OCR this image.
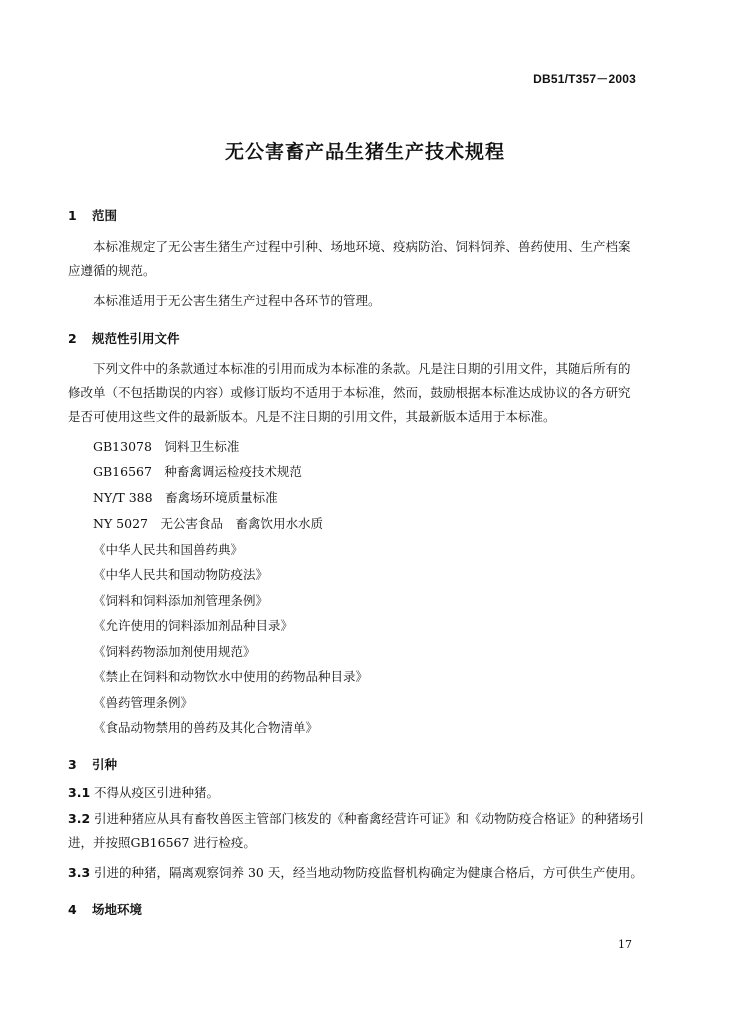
DB51/T357－2003
无公害畜产品生猪生产技术规程
1 范围
本标准规定了无公害生猪生产过程中引种、场地环境、疫病防治、饲料饲养、兽药使用、生产档案应遵循的规范。
本标准适用于无公害生猪生产过程中各环节的管理。
2 规范性引用文件
下列文件中的条款通过本标准的引用而成为本标准的条款。凡是注日期的引用文件，其随后所有的修改单（不包括勘误的内容）或修订版均不适用于本标准，然而，鼓励根据本标准达成协议的各方研究是否可使用这些文件的最新版本。凡是不注日期的引用文件，其最新版本适用于本标准。
GB13078　饲料卫生标准
GB16567　种畜禽调运检疫技术规范
NY/T 388　畜禽场环境质量标准
NY 5027　无公害食品　畜禽饮用水水质
《中华人民共和国兽药典》
《中华人民共和国动物防疫法》
《饲料和饲料添加剂管理条例》
《允许使用的饲料添加剂品种目录》
《饲料药物添加剂使用规范》
《禁止在饲料和动物饮水中使用的药物品种目录》
《兽药管理条例》
《食品动物禁用的兽药及其化合物清单》
3 引种
3.1 不得从疫区引进种猪。
3.2 引进种猪应从具有畜牧兽医主管部门核发的《种畜禽经营许可证》和《动物防疫合格证》的种猪场引进，并按照GB16567 进行检疫。
3.3 引进的种猪，隔离观察饲养 30 天，经当地动物防疫监督机构确定为健康合格后，方可供生产使用。
4 场地环境
17
